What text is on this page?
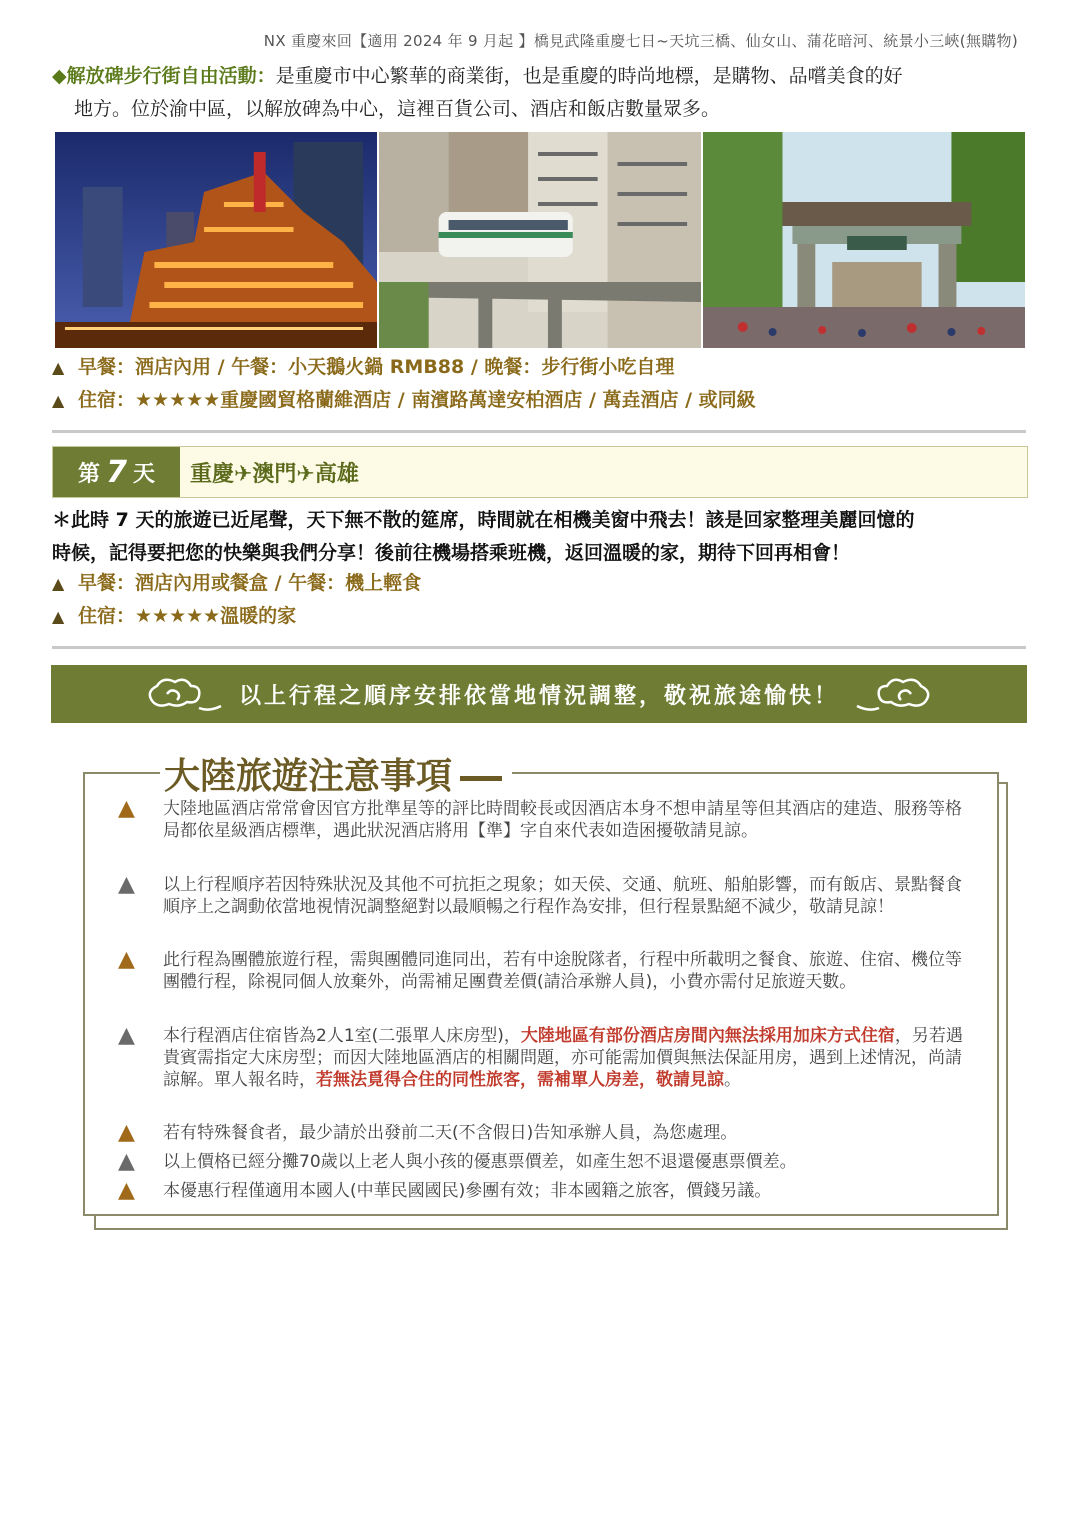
NX 重慶來回【適用 2024 年 9 月起 】橋見武隆重慶七日~天坑三橋、仙女山、蒲花暗河、統景小三峽(無購物)
◆解放碑步行街自由活動：是重慶市中心繁華的商業街，也是重慶的時尚地標，是購物、品嚐美食的好
地方。位於渝中區，以解放碑為中心，這裡百貨公司、酒店和飯店數量眾多。
▲ 早餐：酒店內用 / 午餐：小天鵝火鍋 RMB88 / 晚餐：步行街小吃自理
▲ 住宿：★★★★★重慶國貿格蘭維酒店 / 南濱路萬達安柏酒店 / 萬垚酒店 / 或同級
第 7 天	重慶✈澳門✈高雄
＊此時 7 天的旅遊已近尾聲，天下無不散的筵席，時間就在相機美窗中飛去！該是回家整理美麗回憶的
時候，記得要把您的快樂與我們分享！後前往機場搭乘班機，返回溫暖的家，期待下回再相會！
▲ 早餐：酒店內用或餐盒 / 午餐：機上輕食
▲ 住宿：★★★★★溫暖的家
以上行程之順序安排依當地情況調整，敬祝旅途愉快！
大陸旅遊注意事項
▲	大陸地區酒店常常會因官方批準星等的評比時間較長或因酒店本身不想申請星等但其酒店的建造、服務等格局都依星級酒店標準，遇此狀況酒店將用【準】字自來代表如造困擾敬請見諒。
▲	以上行程順序若因特殊狀況及其他不可抗拒之現象；如天侯、交通、航班、船舶影響，而有飯店、景點餐食順序上之調動依當地視情況調整絕對以最順暢之行程作為安排，但行程景點絕不減少，敬請見諒！
▲	此行程為團體旅遊行程，需與團體同進同出，若有中途脫隊者，行程中所載明之餐食、旅遊、住宿、機位等團體行程，除視同個人放棄外，尚需補足團費差價(請洽承辦人員)，小費亦需付足旅遊天數。
▲	本行程酒店住宿皆為2人1室(二張單人床房型)，大陸地區有部份酒店房間內無法採用加床方式住宿，另若遇貴賓需指定大床房型；而因大陸地區酒店的相關問題，亦可能需加價與無法保証用房，遇到上述情況，尚請諒解。單人報名時，若無法覓得合住的同性旅客，需補單人房差，敬請見諒。
▲	若有特殊餐食者，最少請於出發前二天(不含假日)告知承辦人員，為您處理。
▲	以上價格已經分攤70歲以上老人與小孩的優惠票價差，如產生恕不退還優惠票價差。
▲	本優惠行程僅適用本國人(中華民國國民)參團有效；非本國籍之旅客，價錢另議。
